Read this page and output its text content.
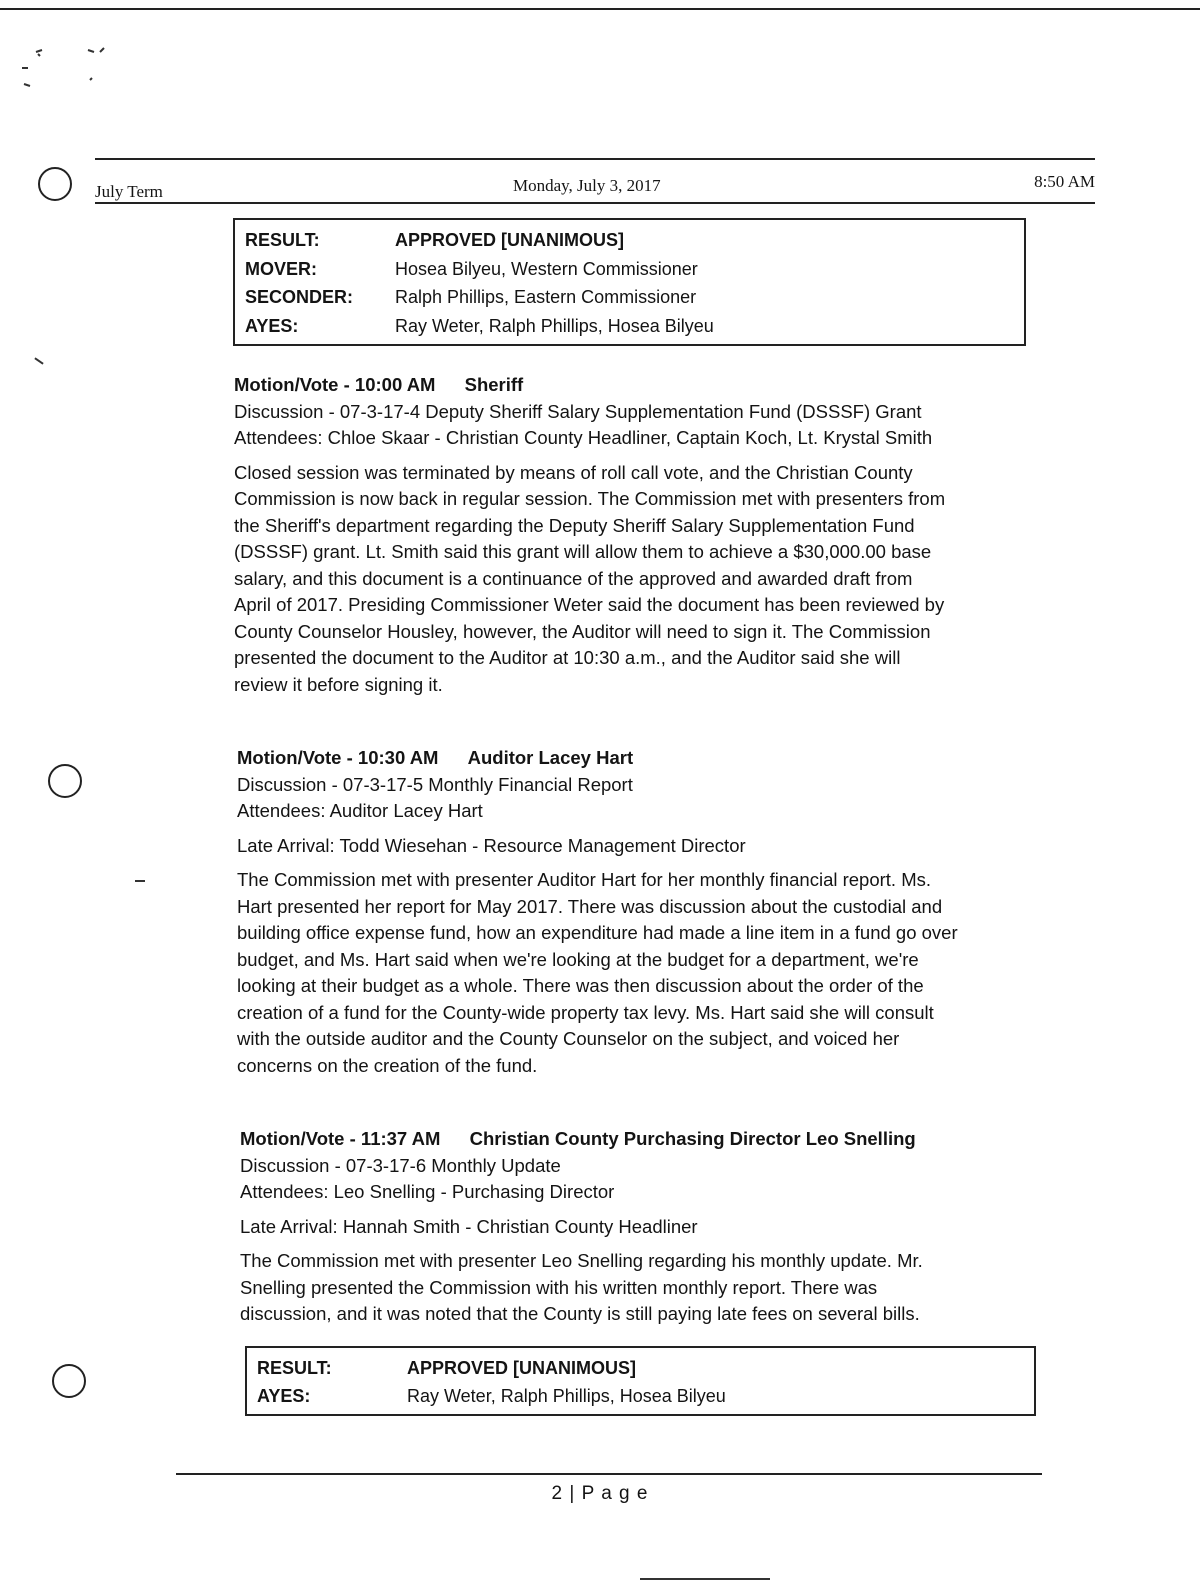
July Term	Monday, July 3, 2017	8:50 AM
RESULT:	APPROVED [UNANIMOUS]
MOVER:	Hosea Bilyeu, Western Commissioner
SECONDER: Ralph Phillips, Eastern Commissioner
AYES:	Ray Weter, Ralph Phillips, Hosea Bilyeu
Motion/Vote - 10:00 AM Sheriff
Discussion - 07-3-17-4 Deputy Sheriff Salary Supplementation Fund (DSSSF) Grant
Attendees: Chloe Skaar - Christian County Headliner, Captain Koch, Lt. Krystal Smith
Closed session was terminated by means of roll call vote, and the Christian County
Commission is now back in regular session. The Commission met with presenters from
the Sheriff's department regarding the Deputy Sheriff Salary Supplementation Fund
(DSSSF) grant. Lt. Smith said this grant will allow them to achieve a $30,000.00 base
salary, and this document is a continuance of the approved and awarded draft from
April of 2017. Presiding Commissioner Weter said the document has been reviewed by
County Counselor Housley, however, the Auditor will need to sign it. The Commission
presented the document to the Auditor at 10:30 a.m., and the Auditor said she will
review it before signing it.
Motion/Vote - 10:30 AM Auditor Lacey Hart
Discussion - 07-3-17-5 Monthly Financial Report
Attendees: Auditor Lacey Hart
Late Arrival: Todd Wiesehan - Resource Management Director
The Commission met with presenter Auditor Hart for her monthly financial report. Ms.
Hart presented her report for May 2017. There was discussion about the custodial and
building office expense fund, how an expenditure had made a line item in a fund go over
budget, and Ms. Hart said when we're looking at the budget for a department, we're
looking at their budget as a whole. There was then discussion about the order of the
creation of a fund for the County-wide property tax levy. Ms. Hart said she will consult
with the outside auditor and the County Counselor on the subject, and voiced her
concerns on the creation of the fund.
Motion/Vote - 11:37 AM Christian County Purchasing Director Leo Snelling
Discussion - 07-3-17-6 Monthly Update
Attendees: Leo Snelling - Purchasing Director
Late Arrival: Hannah Smith - Christian County Headliner
The Commission met with presenter Leo Snelling regarding his monthly update. Mr.
Snelling presented the Commission with his written monthly report. There was
discussion, and it was noted that the County is still paying late fees on several bills.
RESULT:	APPROVED [UNANIMOUS]
AYES:	Ray Weter, Ralph Phillips, Hosea Bilyeu
2 | P a g e
